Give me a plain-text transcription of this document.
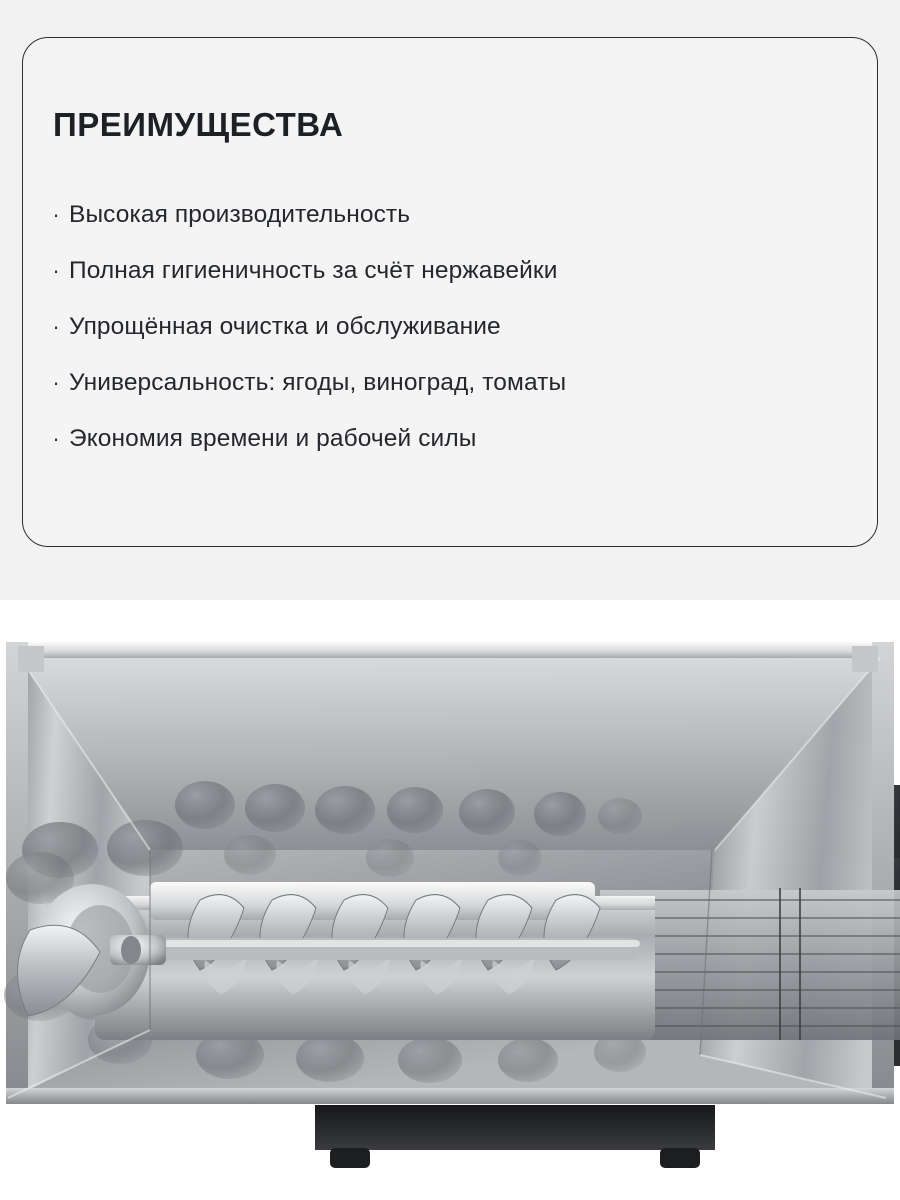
ПРЕИМУЩЕСТВА
· Высокая производительность
· Полная гигиеничность за счёт нержавейки
· Упрощённая очистка и обслуживание
· Универсальность: ягоды, виноград, томаты
· Экономия времени и рабочей силы
